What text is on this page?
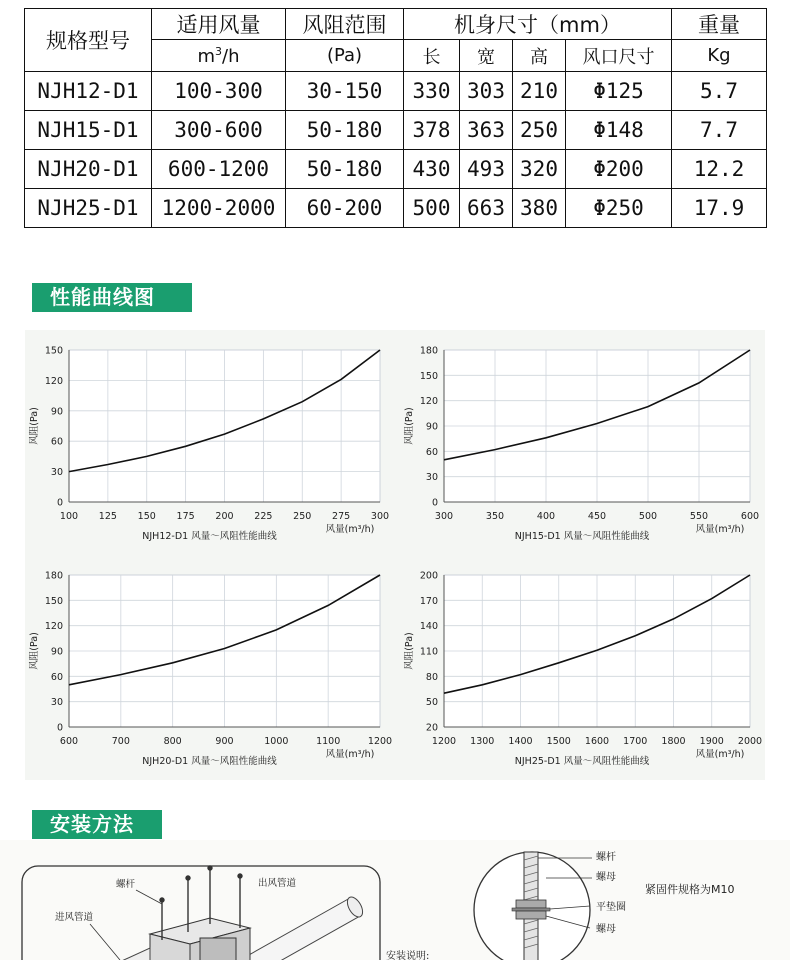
规格型号	适用风量	风阻范围	机身尺寸（mm）				重量
	$m^3/h$	(Pa)	长	宽	高	风口尺寸	Kg
NJH12-D1	100-300	30-150	330	303	210	Φ125	5.7
NJH15-D1	300-600	50-180	378	363	250	Φ148	7.7
NJH20-D1	600-1200	50-180	430	493	320	Φ200	12.2
NJH25-D1	1200-2000	60-200	500	663	380	Φ250	17.9
性能曲线图
100 125 150 175 200 225 250 275 300
0
30
60
90
120
150
风阻(Pa)
风量(m³/h)
NJH12-D1 风量～风阻性能曲线
300	350	400	450	500	550	600
0
30
60
90
120
150
180
风阻(Pa)
风量(m³/h)
NJH15-D1 风量～风阻性能曲线
600	700	800	900	1000	1100	1200
0
30
60
90
120
150
180
风阻(Pa)
风量(m³/h)
NJH20-D1 风量～风阻性能曲线
1200 1300 1400 1500 1600 1700 1800 1900 2000
20
50
80
110
140
170
200
风阻(Pa)
风量(m³/h)
NJH25-D1 风量～风阻性能曲线
安装方法
螺杆	出风管道
进风管道
安装说明:
螺杆
螺母
紧固件规格为M10
平垫圈
螺母
